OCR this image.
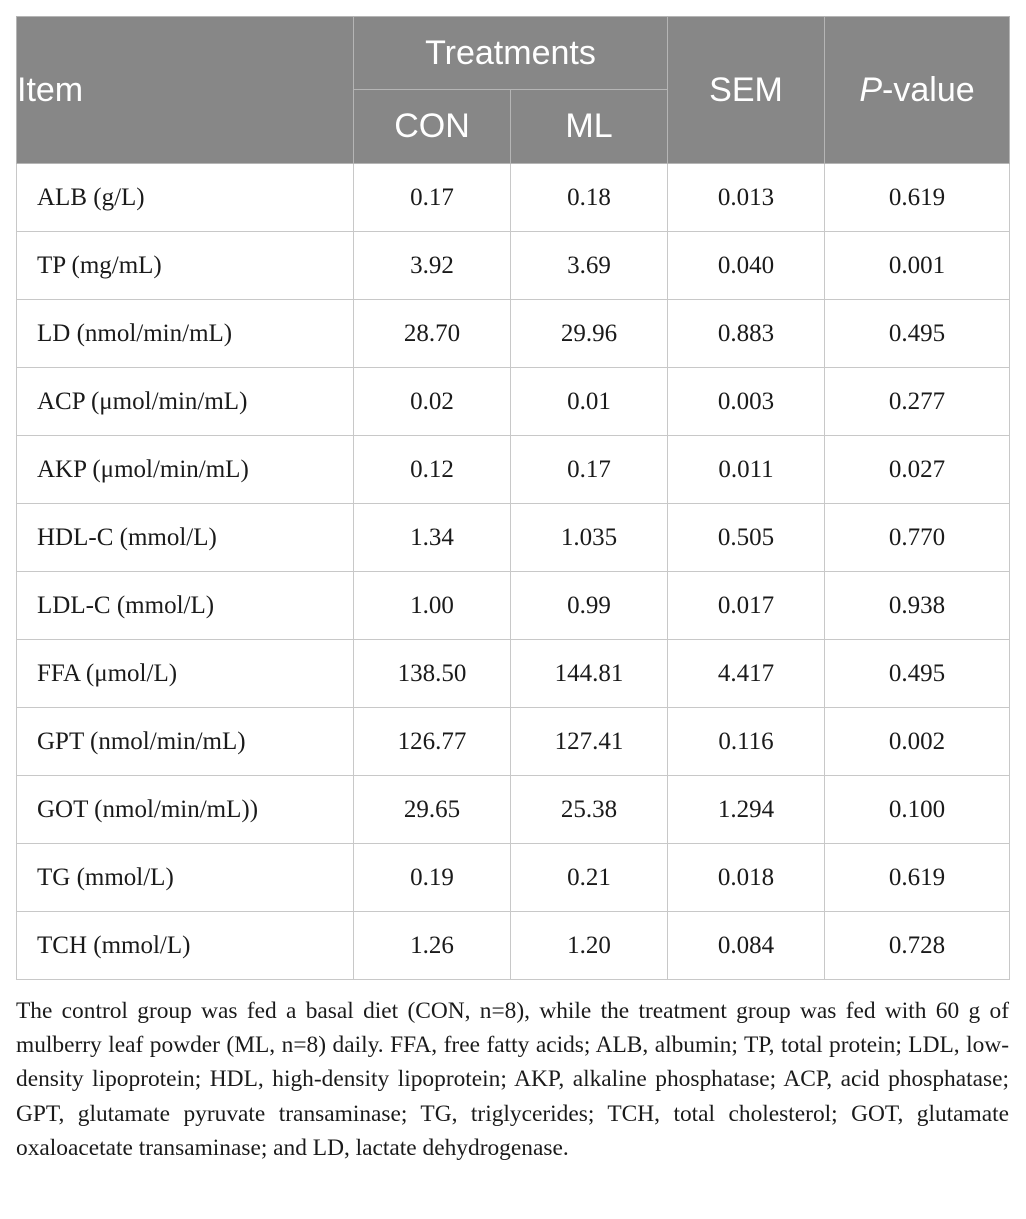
Item	Treatments		SEM	P-value
	CON	ML		
ALB (g/L)	0.17	0.18	0.013	0.619
TP (mg/mL)	3.92	3.69	0.040	0.001
LD (nmol/min/mL)	28.70	29.96	0.883	0.495
ACP (μmol/min/mL)	0.02	0.01	0.003	0.277
AKP (μmol/min/mL)	0.12	0.17	0.011	0.027
HDL-C (mmol/L)	1.34	1.035	0.505	0.770
LDL-C (mmol/L)	1.00	0.99	0.017	0.938
FFA (μmol/L)	138.50	144.81	4.417	0.495
GPT (nmol/min/mL)	126.77	127.41	0.116	0.002
GOT (nmol/min/mL))	29.65	25.38	1.294	0.100
TG (mmol/L)	0.19	0.21	0.018	0.619
TCH (mmol/L)	1.26	1.20	0.084	0.728

The control group was fed a basal diet (CON, n=8), while the treatment group was fed with 60 g of mulberry leaf powder (ML, n=8) daily. FFA, free fatty acids; ALB, albumin; TP, total protein; LDL, low-density lipoprotein; HDL, high-density lipoprotein; AKP, alkaline phosphatase; ACP, acid phosphatase; GPT, glutamate pyruvate transaminase; TG, triglycerides; TCH, total cholesterol; GOT, glutamate oxaloacetate transaminase; and LD, lactate dehydrogenase.
